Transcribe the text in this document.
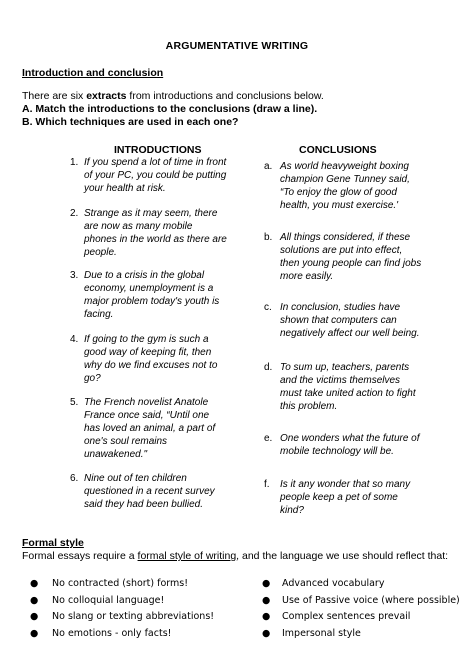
ARGUMENTATIVE WRITING
Introduction and conclusion
There are six extracts from introductions and conclusions below.
A. Match the introductions to the conclusions (draw a line).
B. Which techniques are used in each one?
INTRODUCTIONS	CONCLUSIONS
1. If you spend a lot of time in front
of your PC, you could be putting
your health at risk.
2. Strange as it may seem, there
are now as many mobile
phones in the world as there are
people.
3. Due to a crisis in the global
economy, unemployment is a
major problem today's youth is
facing.
4. If going to the gym is such a
good way of keeping fit, then
why do we find excuses not to
go?
5. The French novelist Anatole
France once said, “Until one
has loved an animal, a part of
one's soul remains
unawakened."
6. Nine out of ten children
questioned in a recent survey
said they had been bullied.
a. As world heavyweight boxing
champion Gene Tunney said,
“To enjoy the glow of good
health, you must exercise.'
b. All things considered, if these
solutions are put into effect,
then young people can find jobs
more easily.
c. In conclusion, studies have
shown that computers can
negatively affect our well being.
d. To sum up, teachers, parents
and the victims themselves
must take united action to fight
this problem.
e. One wonders what the future of
mobile technology will be.
f. Is it any wonder that so many
people keep a pet of some
kind?
Formal style
Formal essays require a formal style of writing, and the language we use should reflect that:
● No contracted (short) forms!
● No colloquial language!
● No slang or texting abbreviations!
● No emotions - only facts!
● Advanced vocabulary
● Use of Passive voice (where possible)
● Complex sentences prevail
● Impersonal style
